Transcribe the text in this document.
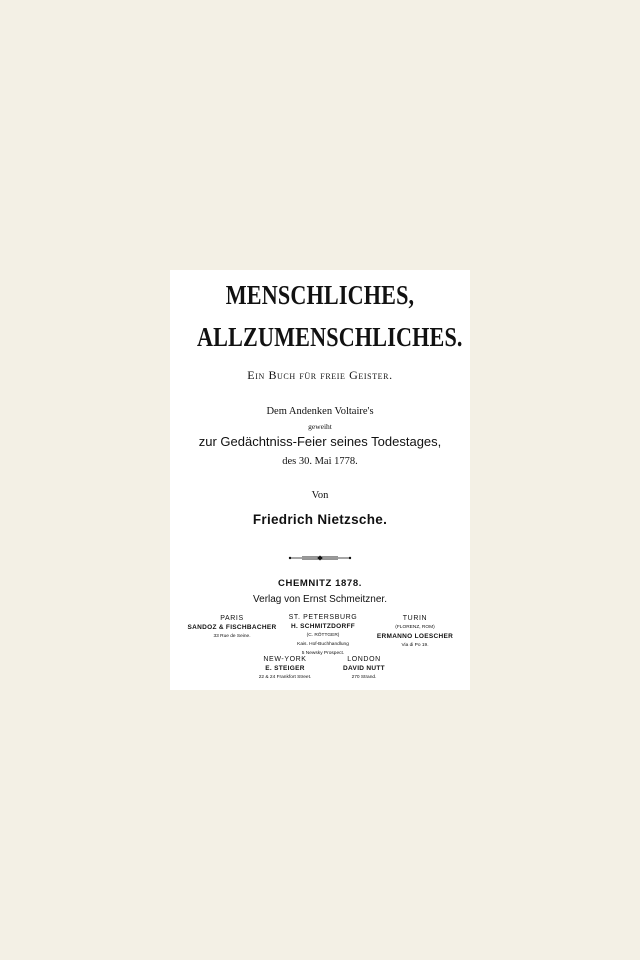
MENSCHLICHES,
ALLZUMENSCHLICHES.
Ein Buch für freie Geister.
Dem Andenken Voltaire's
geweiht
zur Gedächtniss-Feier seines Todestages,
des 30. Mai 1778.
Von
Friedrich Nietzsche.
CHEMNITZ 1878.
Verlag von Ernst Schmeitzner.
PARIS
SANDOZ & FISCHBACHER
33 Rue de Seine.
ST. PETERSBURG
H. SCHMITZDORFF
(C. RÖTTGER)
Kais. Hof-Buchhandlung
5 Newsky Prospect.
TURIN
(FLORENZ, ROM)
ERMANNO LOESCHER
Via di Po 19.
NEW-YORK
E. STEIGER
22 & 24 Frankfort Street.
LONDON
DAVID NUTT
270 Strand.
